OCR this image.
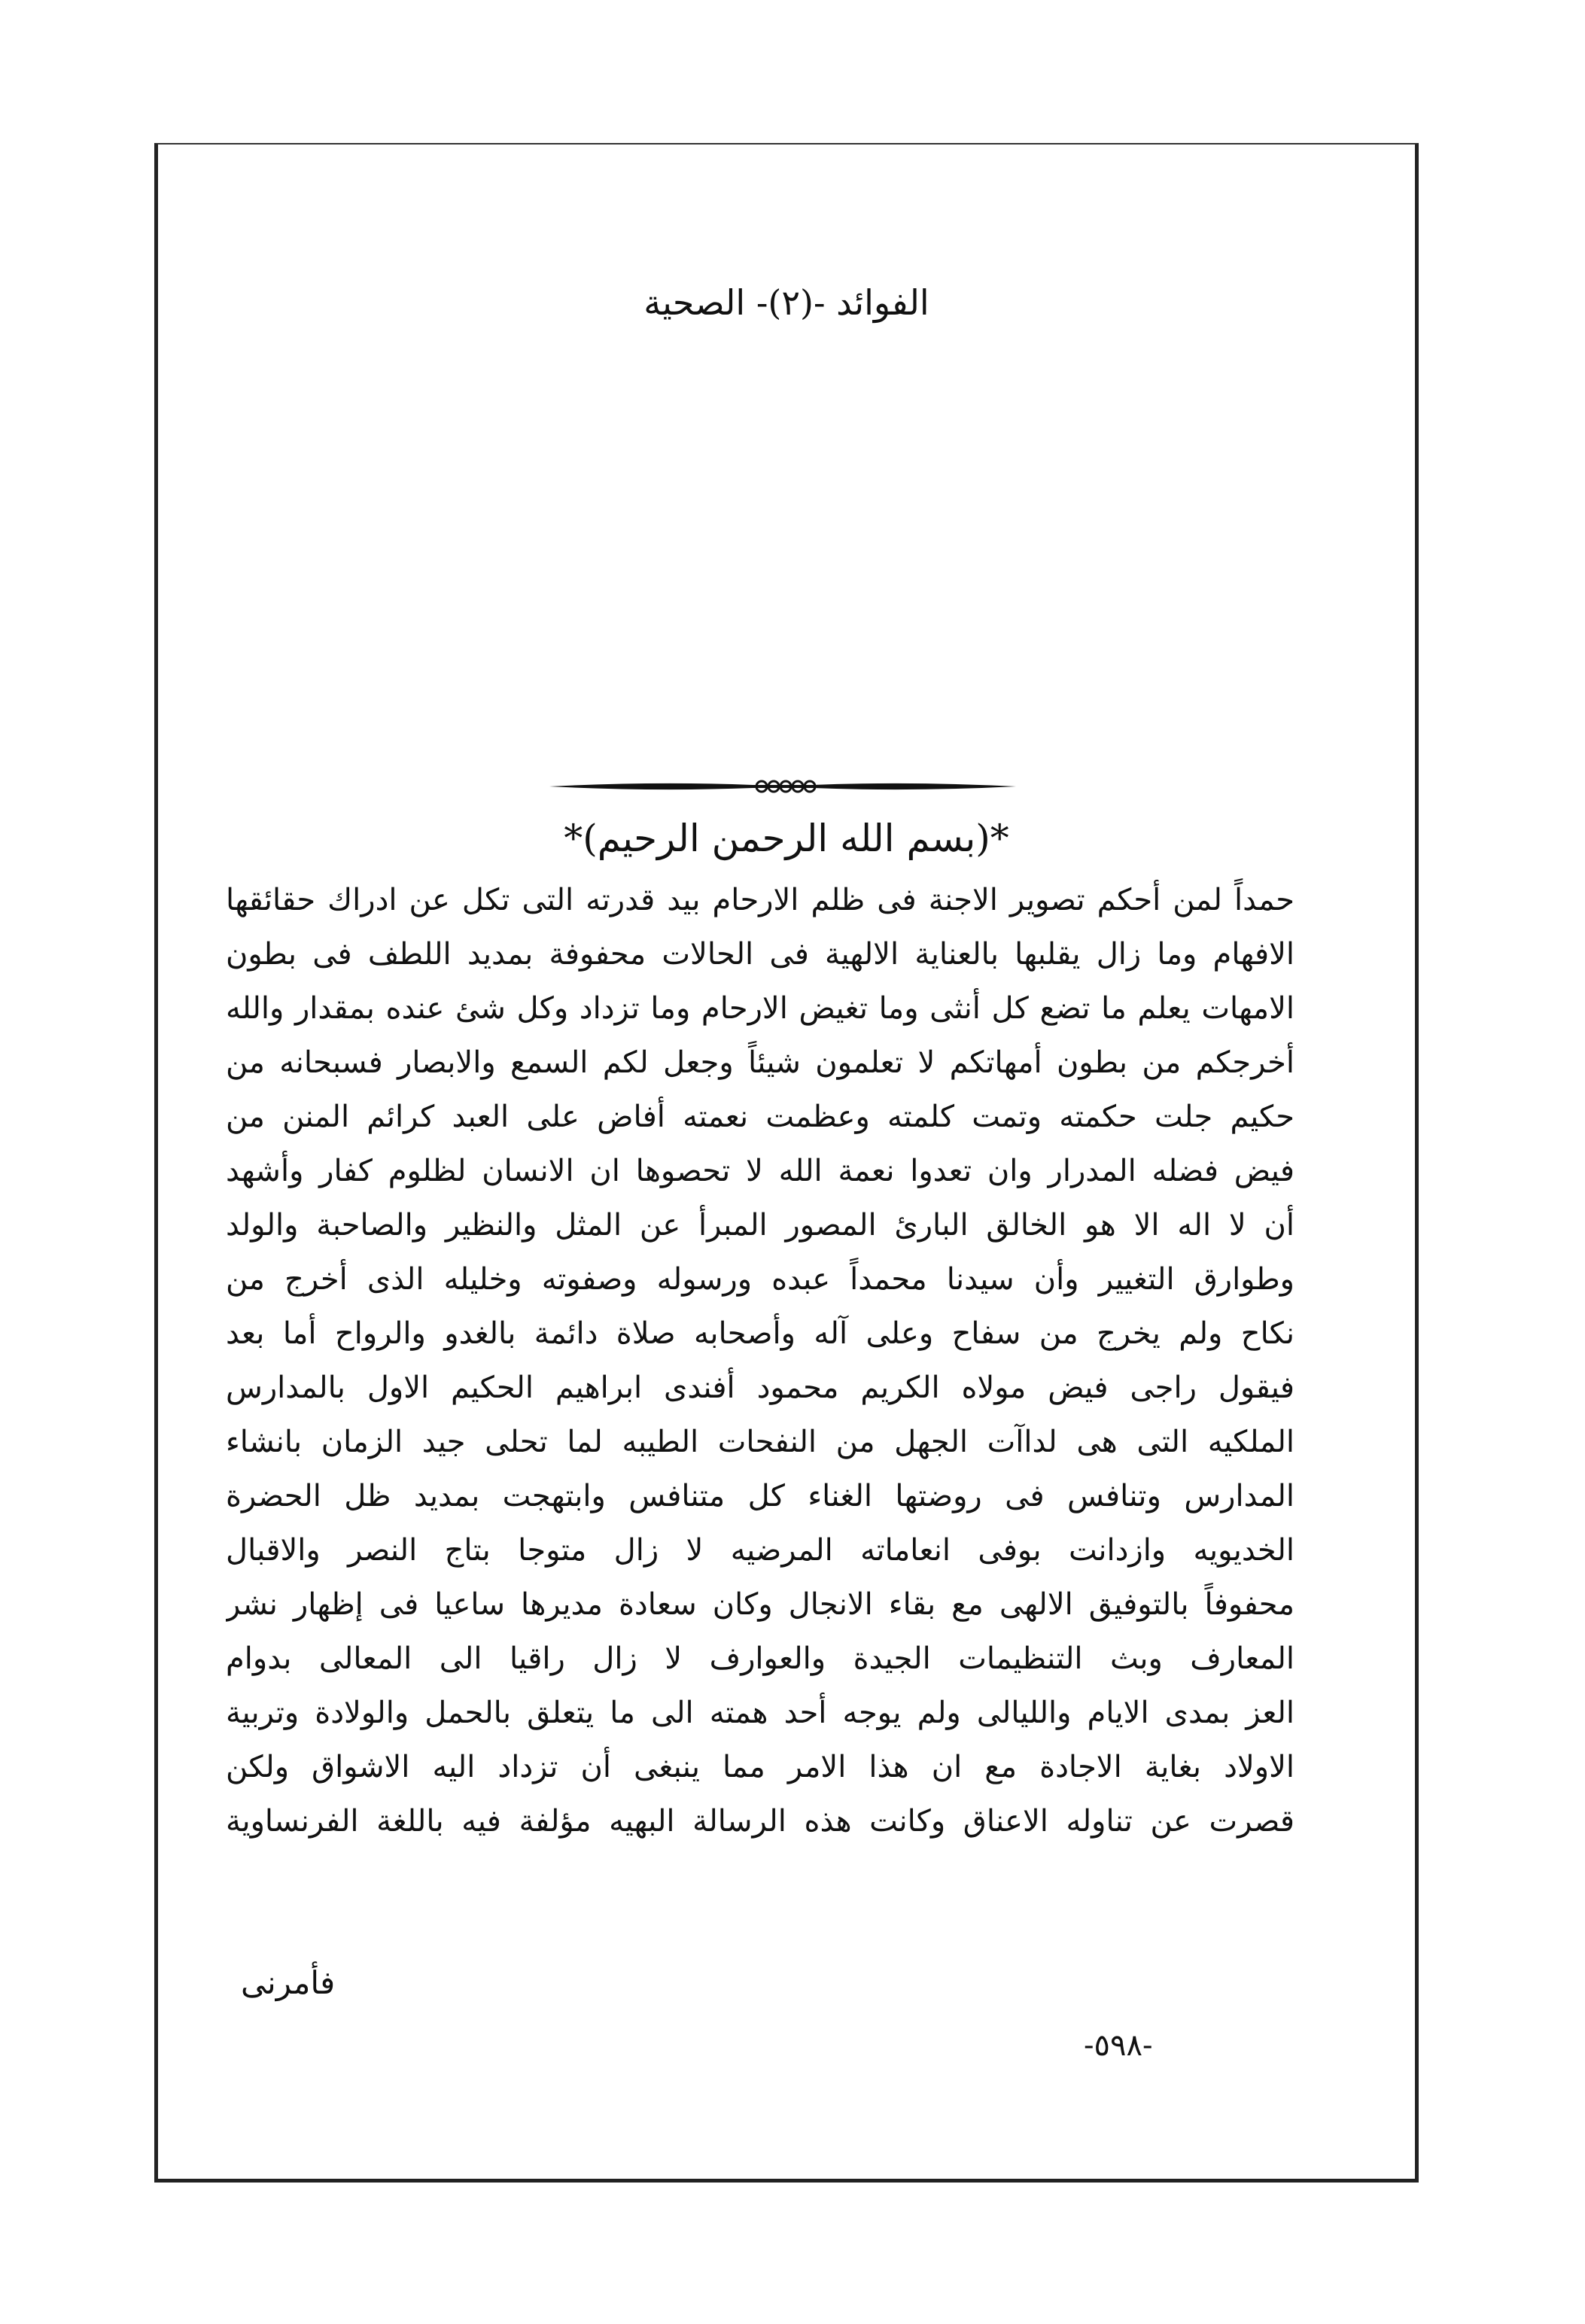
الفوائد -(٢)- الصحية
*(بسم الله الرحمن الرحيم)*
حمداً لمن أحكم تصوير الاجنة فى ظلم الارحام بيد قدرته التى تكل عن ادراك حقائقها
الافهام وما زال يقلبها بالعناية الالهية فى الحالات محفوفة بمديد اللطف فى بطون
الامهات يعلم ما تضع كل أنثى وما تغيض الارحام وما تزداد وكل شئ عنده بمقدار والله
أخرجكم من بطون أمهاتكم لا تعلمون شيئاً وجعل لكم السمع والابصار فسبحانه من
حكيم جلت حكمته وتمت كلمته وعظمت نعمته أفاض على العبد كرائم المنن من
فيض فضله المدرار وان تعدوا نعمة الله لا تحصوها ان الانسان لظلوم كفار وأشهد
أن لا اله الا هو الخالق البارئ المصور المبرأ عن المثل والنظير والصاحبة والولد
وطوارق التغيير وأن سيدنا محمداً عبده ورسوله وصفوته وخليله الذى أخرج من
نكاح ولم يخرج من سفاح وعلى آله وأصحابه صلاة دائمة بالغدو والرواح أما بعد
فيقول راجى فيض مولاه الكريم محمود أفندى ابراهيم الحكيم الاول بالمدارس
الملكيه التى هى لداآت الجهل من النفحات الطيبه لما تحلى جيد الزمان بانشاء
المدارس وتنافس فى روضتها الغناء كل متنافس وابتهجت بمديد ظل الحضرة
الخديويه وازدانت بوفى انعاماته المرضيه لا زال متوجا بتاج النصر والاقبال
محفوفاً بالتوفيق الالهى مع بقاء الانجال وكان سعادة مديرها ساعيا فى إظهار نشر
المعارف وبث التنظيمات الجيدة والعوارف لا زال راقيا الى المعالى بدوام
العز بمدى الايام والليالى ولم يوجه أحد همته الى ما يتعلق بالحمل والولادة وتربية
الاولاد بغاية الاجادة مع ان هذا الامر مما ينبغى أن تزداد اليه الاشواق ولكن
قصرت عن تناوله الاعناق وكانت هذه الرسالة البهيه مؤلفة فيه باللغة الفرنساوية
فأمرنى
-٥٩٨-
